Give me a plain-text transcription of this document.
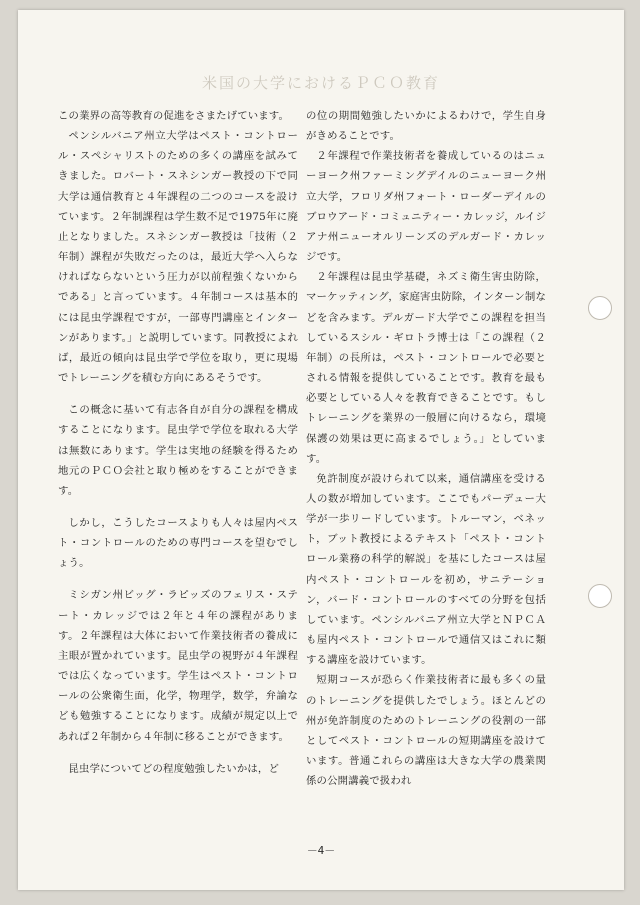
米国の大学におけるＰＣＯ教育

この業界の高等教育の促進をさまたげています。

ペンシルバニア州立大学はペスト・コントロール・スペシャリストのための多くの講座を試みてきました。ロバート・スネシンガー教授の下で同大学は通信教育と４年課程の二つのコースを設けています。２年制課程は学生数不足で1975年に廃止となりました。スネシンガー教授は「技術（２年制）課程が失敗だったのは，最近大学へ入らなければならないという圧力が以前程強くないからである」と言っています。４年制コースは基本的には昆虫学課程ですが，一部専門講座とインターンがあります。」と説明しています。同教授によれば，最近の傾向は昆虫学で学位を取り，更に現場でトレーニングを積む方向にあるそうです。

この概念に基いて有志各自が自分の課程を構成することになります。昆虫学で学位を取れる大学は無数にあります。学生は実地の経験を得るため地元のＰＣＯ会社と取り極めをすることができます。

しかし，こうしたコースよりも人々は屋内ペスト・コントロールのための専門コースを望むでしょう。

ミシガン州ビッグ・ラピッズのフェリス・ステート・カレッジでは２年と４年の課程があります。２年課程は大体において作業技術者の養成に主眼が置かれています。昆虫学の視野が４年課程では広くなっています。学生はペスト・コントロールの公衆衛生面，化学，物理学，数学，弁論なども勉強することになります。成績が規定以上であれば２年制から４年制に移ることができます。

昆虫学についてどの程度勉強したいかは，ど

の位の期間勉強したいかによるわけで，学生自身がきめることです。

２年課程で作業技術者を養成しているのはニューヨーク州ファーミングデイルのニューヨーク州立大学，フロリダ州フォート・ローダーデイルのブロウアード・コミュニティー・カレッジ，ルイジアナ州ニューオルリーンズのデルガード・カレッジです。

２年課程は昆虫学基礎，ネズミ衛生害虫防除，マーケッティング，家庭害虫防除，インターン制などを含みます。デルガード大学でこの課程を担当しているスシル・ギロトラ博士は「この課程（２年制）の長所は，ペスト・コントロールで必要とされる情報を提供していることです。教育を最も必要としている人々を教育できることです。もしトレーニングを業界の一般層に向けるなら，環境保護の効果は更に高まるでしょう。」としています。

免許制度が設けられて以来，通信講座を受ける人の数が増加しています。ここでもパーデュー大学が一歩リードしています。トルーマン，ベネット，ブット教授によるテキスト「ペスト・コントロール業務の科学的解説」を基にしたコースは屋内ペスト・コントロールを初め，サニテーション，バード・コントロールのすべての分野を包括しています。ペンシルバニア州立大学とＮＰＣＡも屋内ペスト・コントロールで通信又はこれに類する講座を設けています。

短期コースが恐らく作業技術者に最も多くの量のトレーニングを提供したでしょう。ほとんどの州が免許制度のためのトレーニングの役割の一部としてペスト・コントロールの短期講座を設けています。普通これらの講座は大きな大学の農業関係の公開講義で扱われ

－4－
